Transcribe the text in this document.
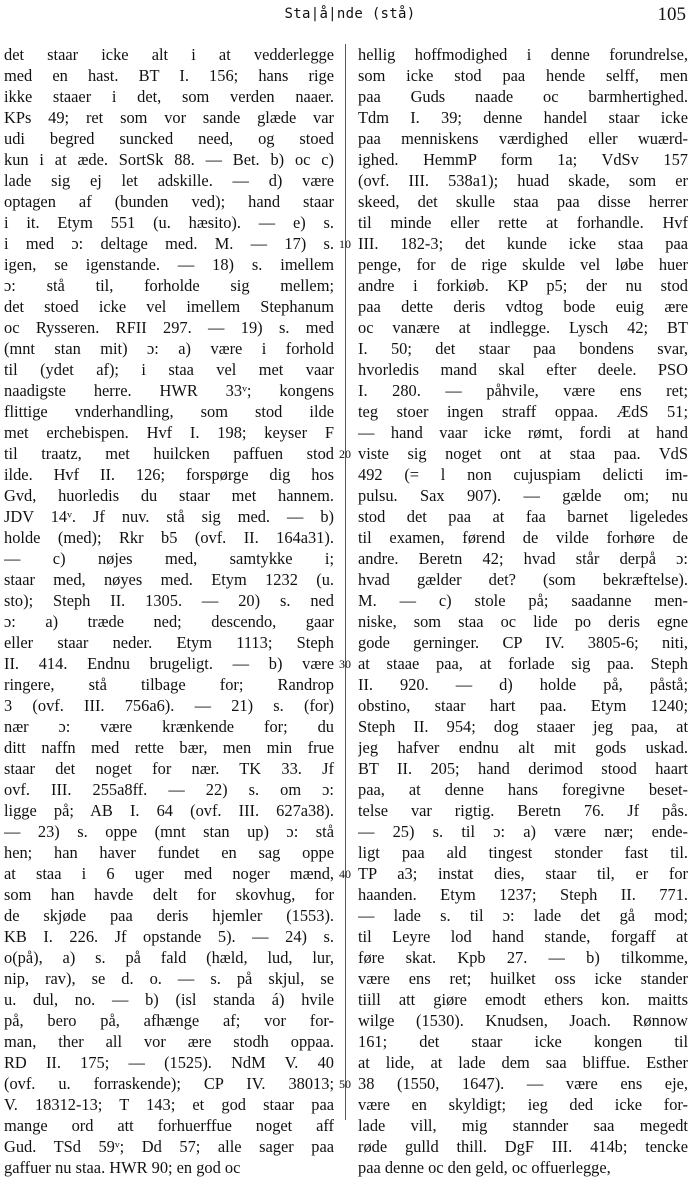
Sta|å|nde (stå)	105
det staar icke alt i at vedderlegge
med en hast. BT I. 156; hans rige
ikke staaer i det, som verden naaer.
KPs 49; ret som vor sande glæde var
udi begred suncked need, og stoed
kun i at æde. SortSk 88. — Bet. b) oc c)
lade sig ej let adskille. — d) være
optagen af (bunden ved); hand staar
i it. Etym 551 (u. hæsito). — e) s.
i med ɔ: deltage med. M. — 17) s.
igen, se igenstande. — 18) s. imellem
ɔ: stå til, forholde sig mellem;
det stoed icke vel imellem Stephanum
oc Rysseren. RFII 297. — 19) s. med
(mnt stan mit) ɔ: a) være i forhold
til (ydet af); i staa vel met vaar
naadigste herre. HWR 33ᵛ; kongens
flittige vnderhandling, som stod ilde
met erchebispen. Hvf I. 198; keyser F
til traatz, met huilcken paffuen stod
ilde. Hvf II. 126; forspørge dig hos
Gvd, huorledis du staar met hannem.
JDV 14ᵛ. Jf nuv. stå sig med. — b)
holde (med); Rkr b5 (ovf. II. 164a31).
— c) nøjes med, samtykke i;
staar med, nøyes med. Etym 1232 (u.
sto); Steph II. 1305. — 20) s. ned
ɔ: a) træde ned; descendo, gaar
eller staar neder. Etym 1113; Steph
II. 414. Endnu brugeligt. — b) være
ringere, stå tilbage for; Randrop
3 (ovf. III. 756a6). — 21) s. (for)
nær ɔ: være krænkende for; du
ditt naffn med rette bær, men min frue
staar det noget for nær. TK 33. Jf
ovf. III. 255a8ff. — 22) s. om ɔ:
ligge på; AB I. 64 (ovf. III. 627a38).
— 23) s. oppe (mnt stan up) ɔ: stå
hen; han haver fundet en sag oppe
at staa i 6 uger med noger mænd,
som han havde delt for skovhug, for
de skjøde paa deris hjemler (1553).
KB I. 226. Jf opstande 5). — 24) s.
o(på), a) s. på fald (hæld, lud, lur,
nip, rav), se d. o. — s. på skjul, se
u. dul, no. — b) (isl standa á) hvile
på, bero på, afhænge af; vor for-
man, ther all vor ære stodh oppaa.
RD II. 175; — (1525). NdM V. 40
(ovf. u. forraskende); CP IV. 38013;
V. 18312-13; T 143; et god staar paa
mange ord att forhuerffue noget aff
Gud. TSd 59ᵛ; Dd 57; alle sager paa
gaffuer nu staa. HWR 90; en god oc
hellig hoffmodighed i denne forundrelse,
som icke stod paa hende selff, men
paa Guds naade oc barmhertighed.
Tdm I. 39; denne handel staar icke
paa menniskens værdighed eller wuærd-
ighed. HemmP form 1a; VdSv 157
(ovf. III. 538a1); huad skade, som er
skeed, det skulle staa paa disse herrer
til minde eller rette at forhandle. Hvf
III. 182-3; det kunde icke staa paa
penge, for de rige skulde vel løbe huer
andre i forkiøb. KP p5; der nu stod
paa dette deris vdtog bode euig ære
oc vanære at indlegge. Lysch 42; BT
I. 50; det staar paa bondens svar,
hvorledis mand skal efter deele. PSO
I. 280. — påhvile, være ens ret;
teg stoer ingen straff oppaa. ÆdS 51;
— hand vaar icke rømt, fordi at hand
viste sig noget ont at staa paa. VdS
492 (= l non cujuspiam delicti im-
pulsu. Sax 907). — gælde om; nu
stod det paa at faa barnet ligeledes
til examen, førend de vilde forhøre de
andre. Beretn 42; hvad står derpå ɔ:
hvad gælder det? (som bekræftelse).
M. — c) stole på; saadanne men-
niske, som staa oc lide po deris egne
gode gerninger. CP IV. 3805-6; niti,
at staae paa, at forlade sig paa. Steph
II. 920. — d) holde på, påstå;
obstino, staar hart paa. Etym 1240;
Steph II. 954; dog staaer jeg paa, at
jeg hafver endnu alt mit gods uskad.
BT II. 205; hand derimod stood haart
paa, at denne hans foregivne beset-
telse var rigtig. Beretn 76. Jf pås.
— 25) s. til ɔ: a) være nær; ende-
ligt paa ald tingest stonder fast til.
TP a3; instat dies, staar til, er for
haanden. Etym 1237; Steph II. 771.
— lade s. til ɔ: lade det gå mod;
til Leyre lod hand stande, forgaff at
føre skat. Kpb 27. — b) tilkomme,
være ens ret; huilket oss icke stander
tiill att giøre emodt ethers kon. maitts
wilge (1530). Knudsen, Joach. Rønnow
161; det staar icke kongen til
at lide, at lade dem saa bliffue. Esther
38 (1550, 1647). — være ens eje,
være en skyldigt; ieg ded icke for-
lade vill, mig stannder saa megedt
røde gulld thill. DgF III. 414b; tencke
paa denne oc den geld, oc offuerlegge,
10
20
30
40
50
